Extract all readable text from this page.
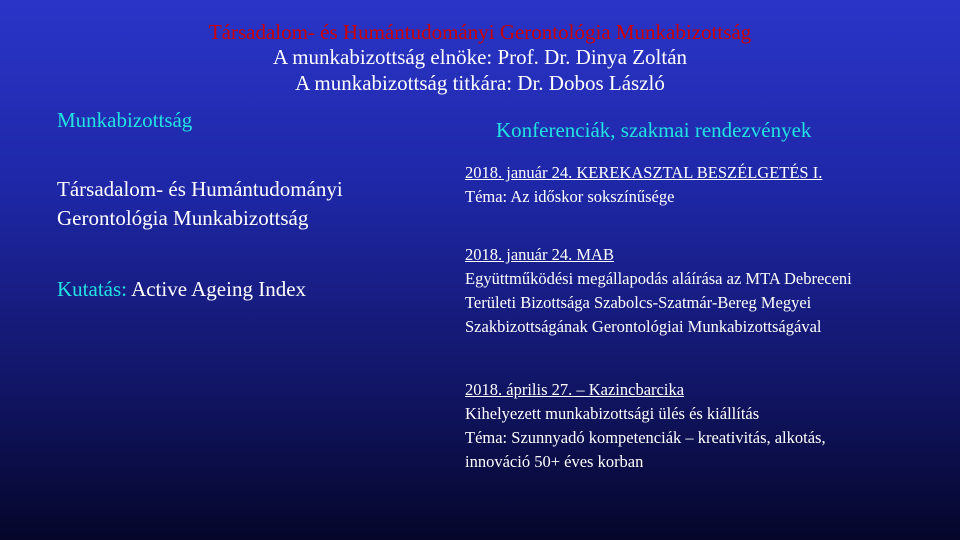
Társadalom- és Humántudományi Gerontológia Munkabizottság
A munkabizottság elnöke: Prof. Dr. Dinya Zoltán
A munkabizottság titkára: Dr. Dobos László
Munkabizottság	Konferenciák, szakmai rendezvények
Társadalom- és Humántudományi
Gerontológia Munkabizottság
Kutatás: Active Ageing Index
2018. január 24. KEREKASZTAL BESZÉLGETÉS I.
Téma: Az időskor sokszínűsége
2018. január 24. MAB
Együttműködési megállapodás aláírása az MTA Debreceni
Területi Bizottsága Szabolcs-Szatmár-Bereg Megyei
Szakbizottságának Gerontológiai Munkabizottságával
2018. április 27. – Kazincbarcika
Kihelyezett munkabizottsági ülés és kiállítás
Téma: Szunnyadó kompetenciák – kreativitás, alkotás,
innováció 50+ éves korban
